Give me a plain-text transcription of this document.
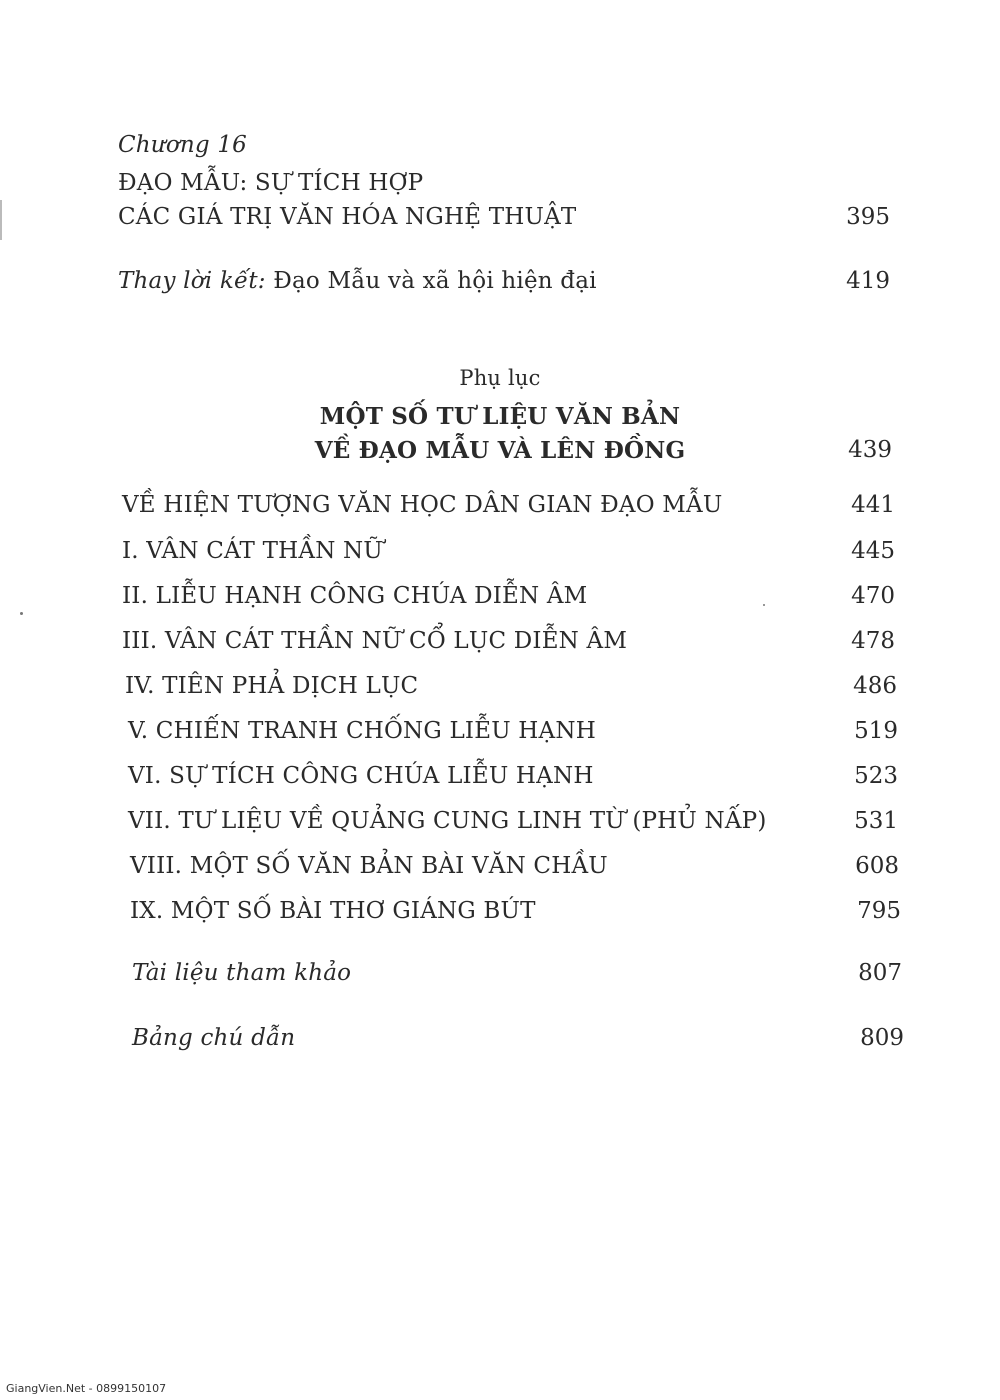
Chương 16
ĐẠO MẪU: SỰ TÍCH HỢP
CÁC GIÁ TRỊ VĂN HÓA NGHỆ THUẬT	395
Thay lời kết: Đạo Mẫu và xã hội hiện đại	419
Phụ lục
MỘT SỐ TƯ LIỆU VĂN BẢN
VỀ ĐẠO MẪU VÀ LÊN ĐỒNG	439
VỀ HIỆN TƯỢNG VĂN HỌC DÂN GIAN ĐẠO MẪU	441
I. VÂN CÁT THẦN NỮ	445
II. LIỄU HẠNH CÔNG CHÚA DIỄN ÂM	470
III. VÂN CÁT THẦN NỮ CỔ LỤC DIỄN ÂM	478
IV. TIÊN PHẢ DỊCH LỤC	486
V. CHIẾN TRANH CHỐNG LIỄU HẠNH	519
VI. SỰ TÍCH CÔNG CHÚA LIỄU HẠNH	523
VII. TƯ LIỆU VỀ QUẢNG CUNG LINH TỪ (PHỦ NẤP)	531
VIII. MỘT SỐ VĂN BẢN BÀI VĂN CHẦU	608
IX. MỘT SỐ BÀI THƠ GIÁNG BÚT	795
Tài liệu tham khảo	807
Bảng chú dẫn	809
GiangVien.Net - 0899150107
